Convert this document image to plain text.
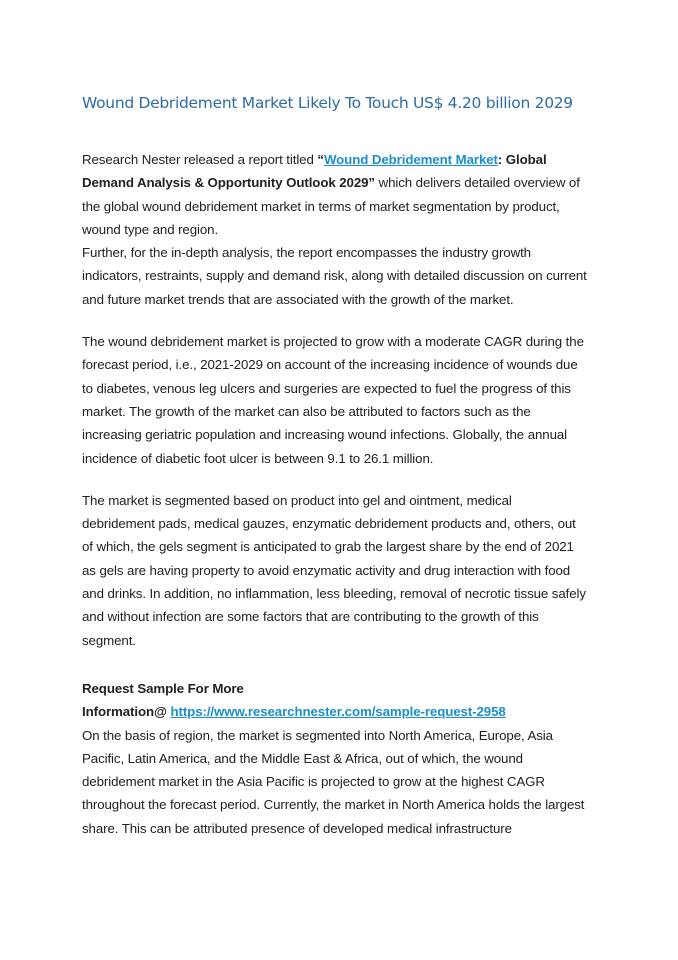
Wound Debridement Market Likely To Touch US$ 4.20 billion 2029

Research Nester released a report titled “Wound Debridement Market: Global Demand Analysis & Opportunity Outlook 2029” which delivers detailed overview of the global wound debridement market in terms of market segmentation by product, wound type and region.

Further, for the in-depth analysis, the report encompasses the industry growth indicators, restraints, supply and demand risk, along with detailed discussion on current and future market trends that are associated with the growth of the market.

The wound debridement market is projected to grow with a moderate CAGR during the forecast period, i.e., 2021-2029 on account of the increasing incidence of wounds due to diabetes, venous leg ulcers and surgeries are expected to fuel the progress of this market. The growth of the market can also be attributed to factors such as the increasing geriatric population and increasing wound infections. Globally, the annual incidence of diabetic foot ulcer is between 9.1 to 26.1 million.

The market is segmented based on product into gel and ointment, medical debridement pads, medical gauzes, enzymatic debridement products and, others, out of which, the gels segment is anticipated to grab the largest share by the end of 2021 as gels are having property to avoid enzymatic activity and drug interaction with food and drinks. In addition, no inflammation, less bleeding, removal of necrotic tissue safely and without infection are some factors that are contributing to the growth of this segment.

Request Sample For More
Information@ https://www.researchnester.com/sample-request-2958

On the basis of region, the market is segmented into North America, Europe, Asia Pacific, Latin America, and the Middle East & Africa, out of which, the wound debridement market in the Asia Pacific is projected to grow at the highest CAGR throughout the forecast period. Currently, the market in North America holds the largest share. This can be attributed presence of developed medical infrastructure
